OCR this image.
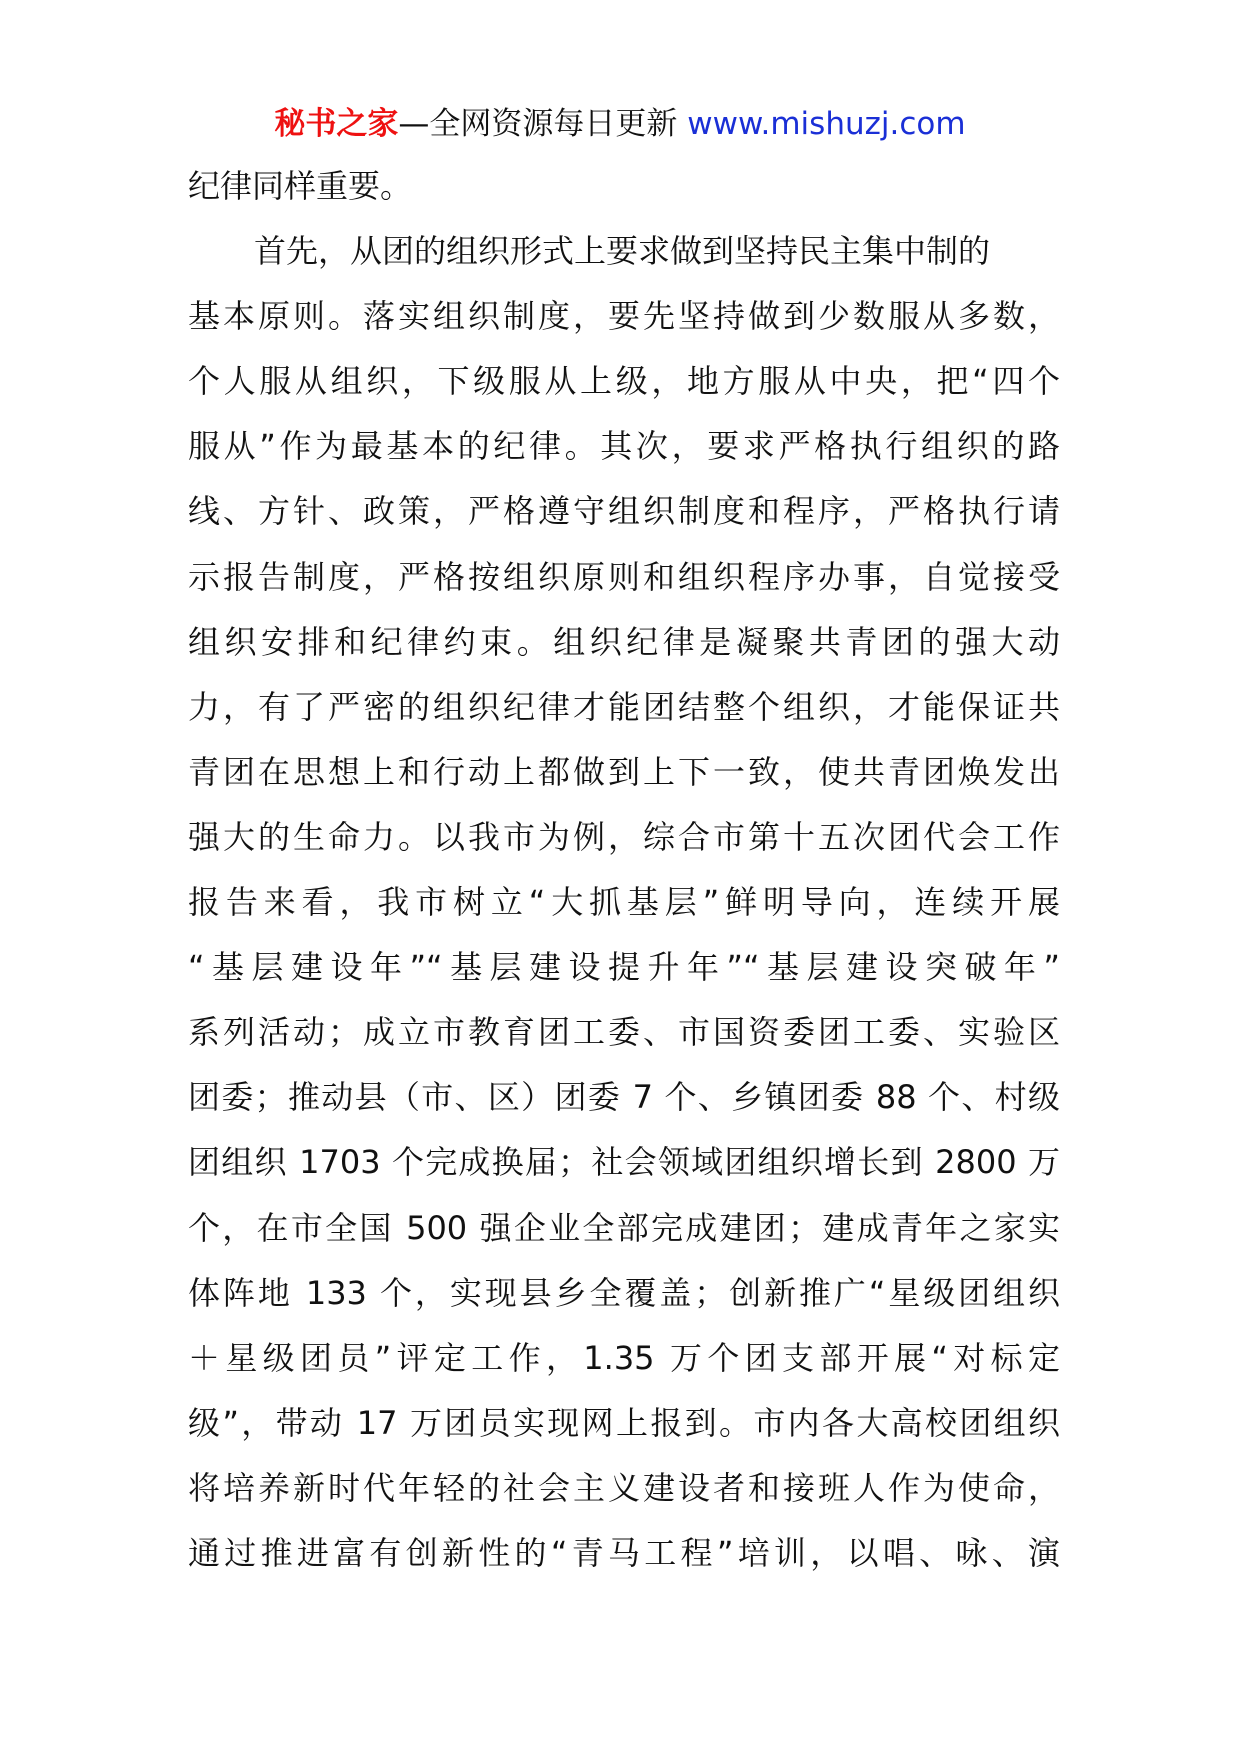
秘书之家—全网资源每日更新 www.mishuzj.com
纪律同样重要。
首先，从团的组织形式上要求做到坚持民主集中制的
基本原则。落实组织制度，要先坚持做到少数服从多数，
个人服从组织，下级服从上级，地方服从中央，把“四个
服从”作为最基本的纪律。其次，要求严格执行组织的路
线、方针、政策，严格遵守组织制度和程序，严格执行请
示报告制度，严格按组织原则和组织程序办事，自觉接受
组织安排和纪律约束。组织纪律是凝聚共青团的强大动
力，有了严密的组织纪律才能团结整个组织，才能保证共
青团在思想上和行动上都做到上下一致，使共青团焕发出
强大的生命力。以我市为例，综合市第十五次团代会工作
报告来看，我市树立“大抓基层”鲜明导向，连续开展
“基层建设年”“基层建设提升年”“基层建设突破年”
系列活动；成立市教育团工委、市国资委团工委、实验区
团委；推动县（市、区）团委 7 个、乡镇团委 88 个、村级
团组织 1703 个完成换届；社会领域团组织增长到 2800 万
个，在市全国 500 强企业全部完成建团；建成青年之家实
体阵地 133 个，实现县乡全覆盖；创新推广“星级团组织
＋星级团员”评定工作，1.35 万个团支部开展“对标定
级”，带动 17 万团员实现网上报到。市内各大高校团组织
将培养新时代年轻的社会主义建设者和接班人作为使命，
通过推进富有创新性的“青马工程”培训，以唱、咏、演
